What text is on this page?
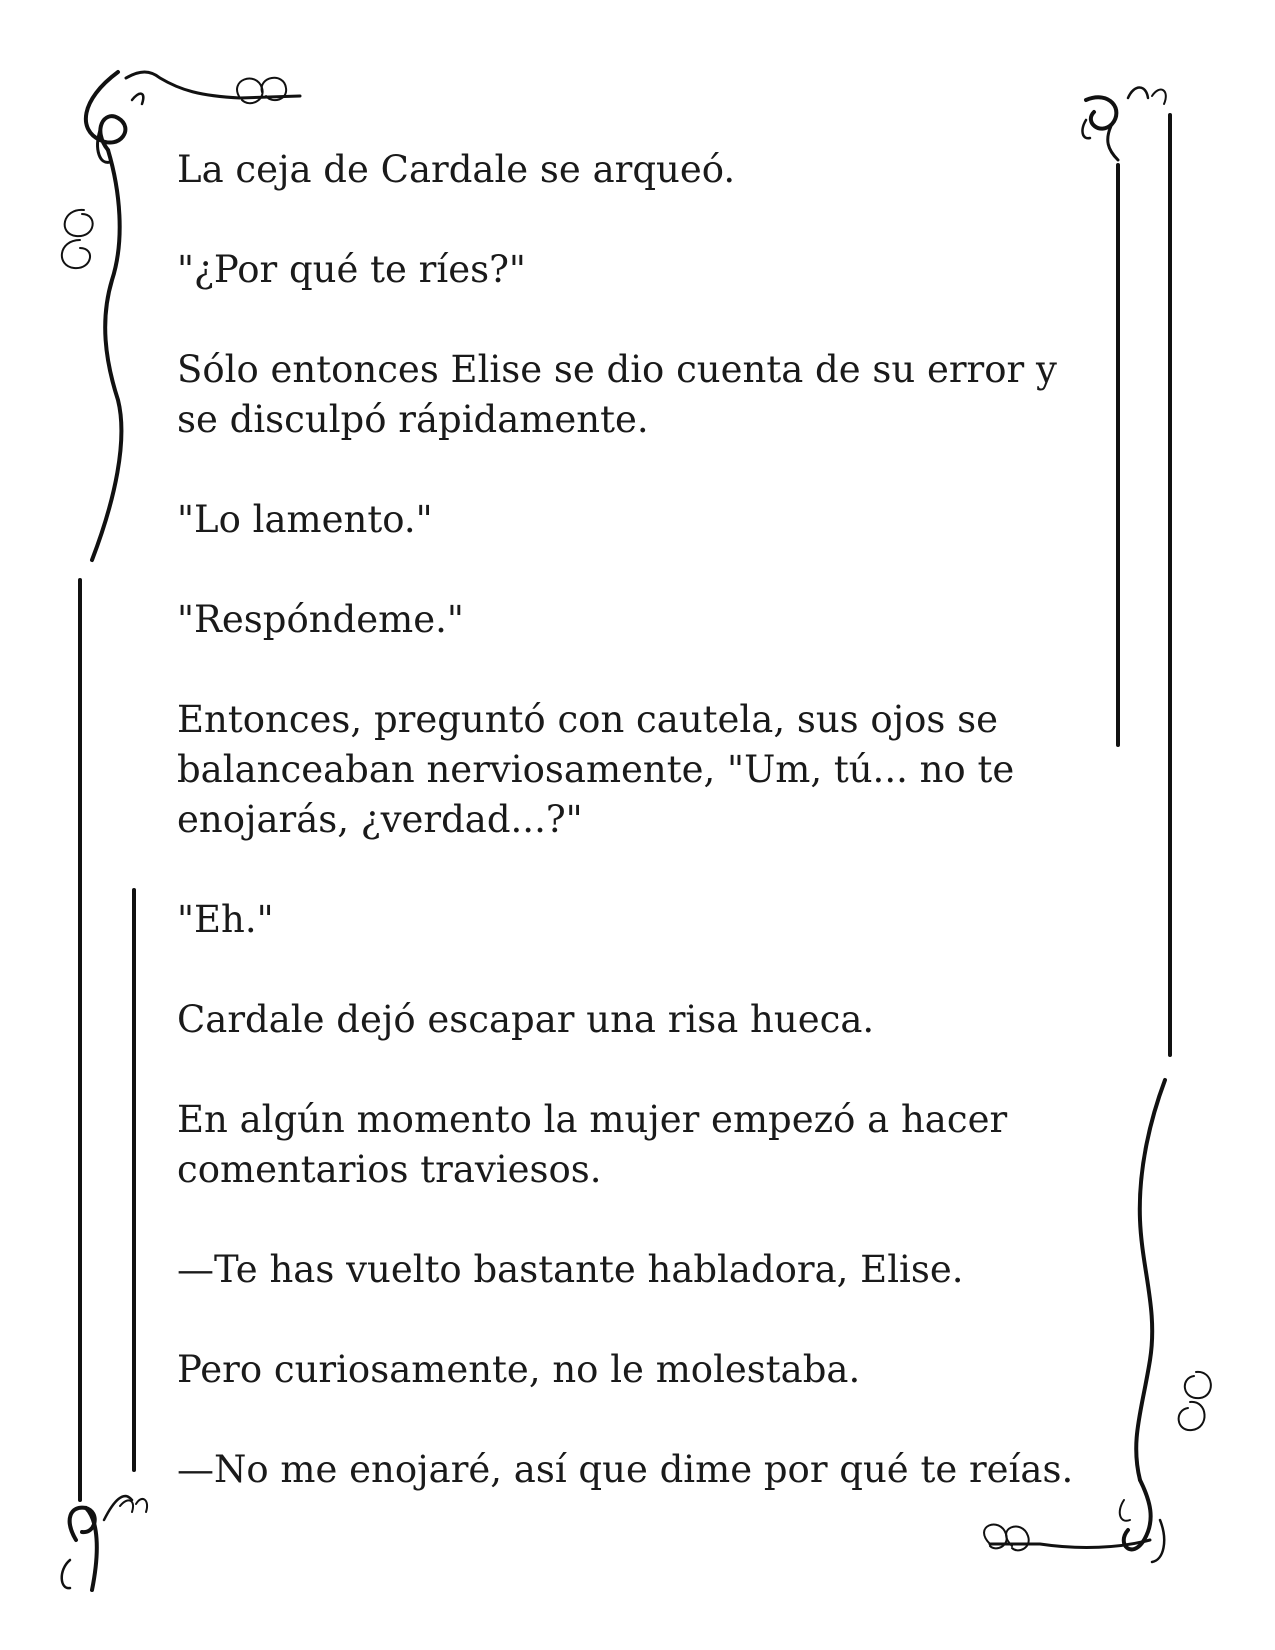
La ceja de Cardale se arqueó.

"¿Por qué te ríes?"

Sólo entonces Elise se dio cuenta de su error y
se disculpó rápidamente.

"Lo lamento."

"Respóndeme."

Entonces, preguntó con cautela, sus ojos se
balanceaban nerviosamente, "Um, tú... no te
enojarás, ¿verdad...?"

"Eh."

Cardale dejó escapar una risa hueca.

En algún momento la mujer empezó a hacer
comentarios traviesos.

—Te has vuelto bastante habladora, Elise.

Pero curiosamente, no le molestaba.

—No me enojaré, así que dime por qué te reías.
